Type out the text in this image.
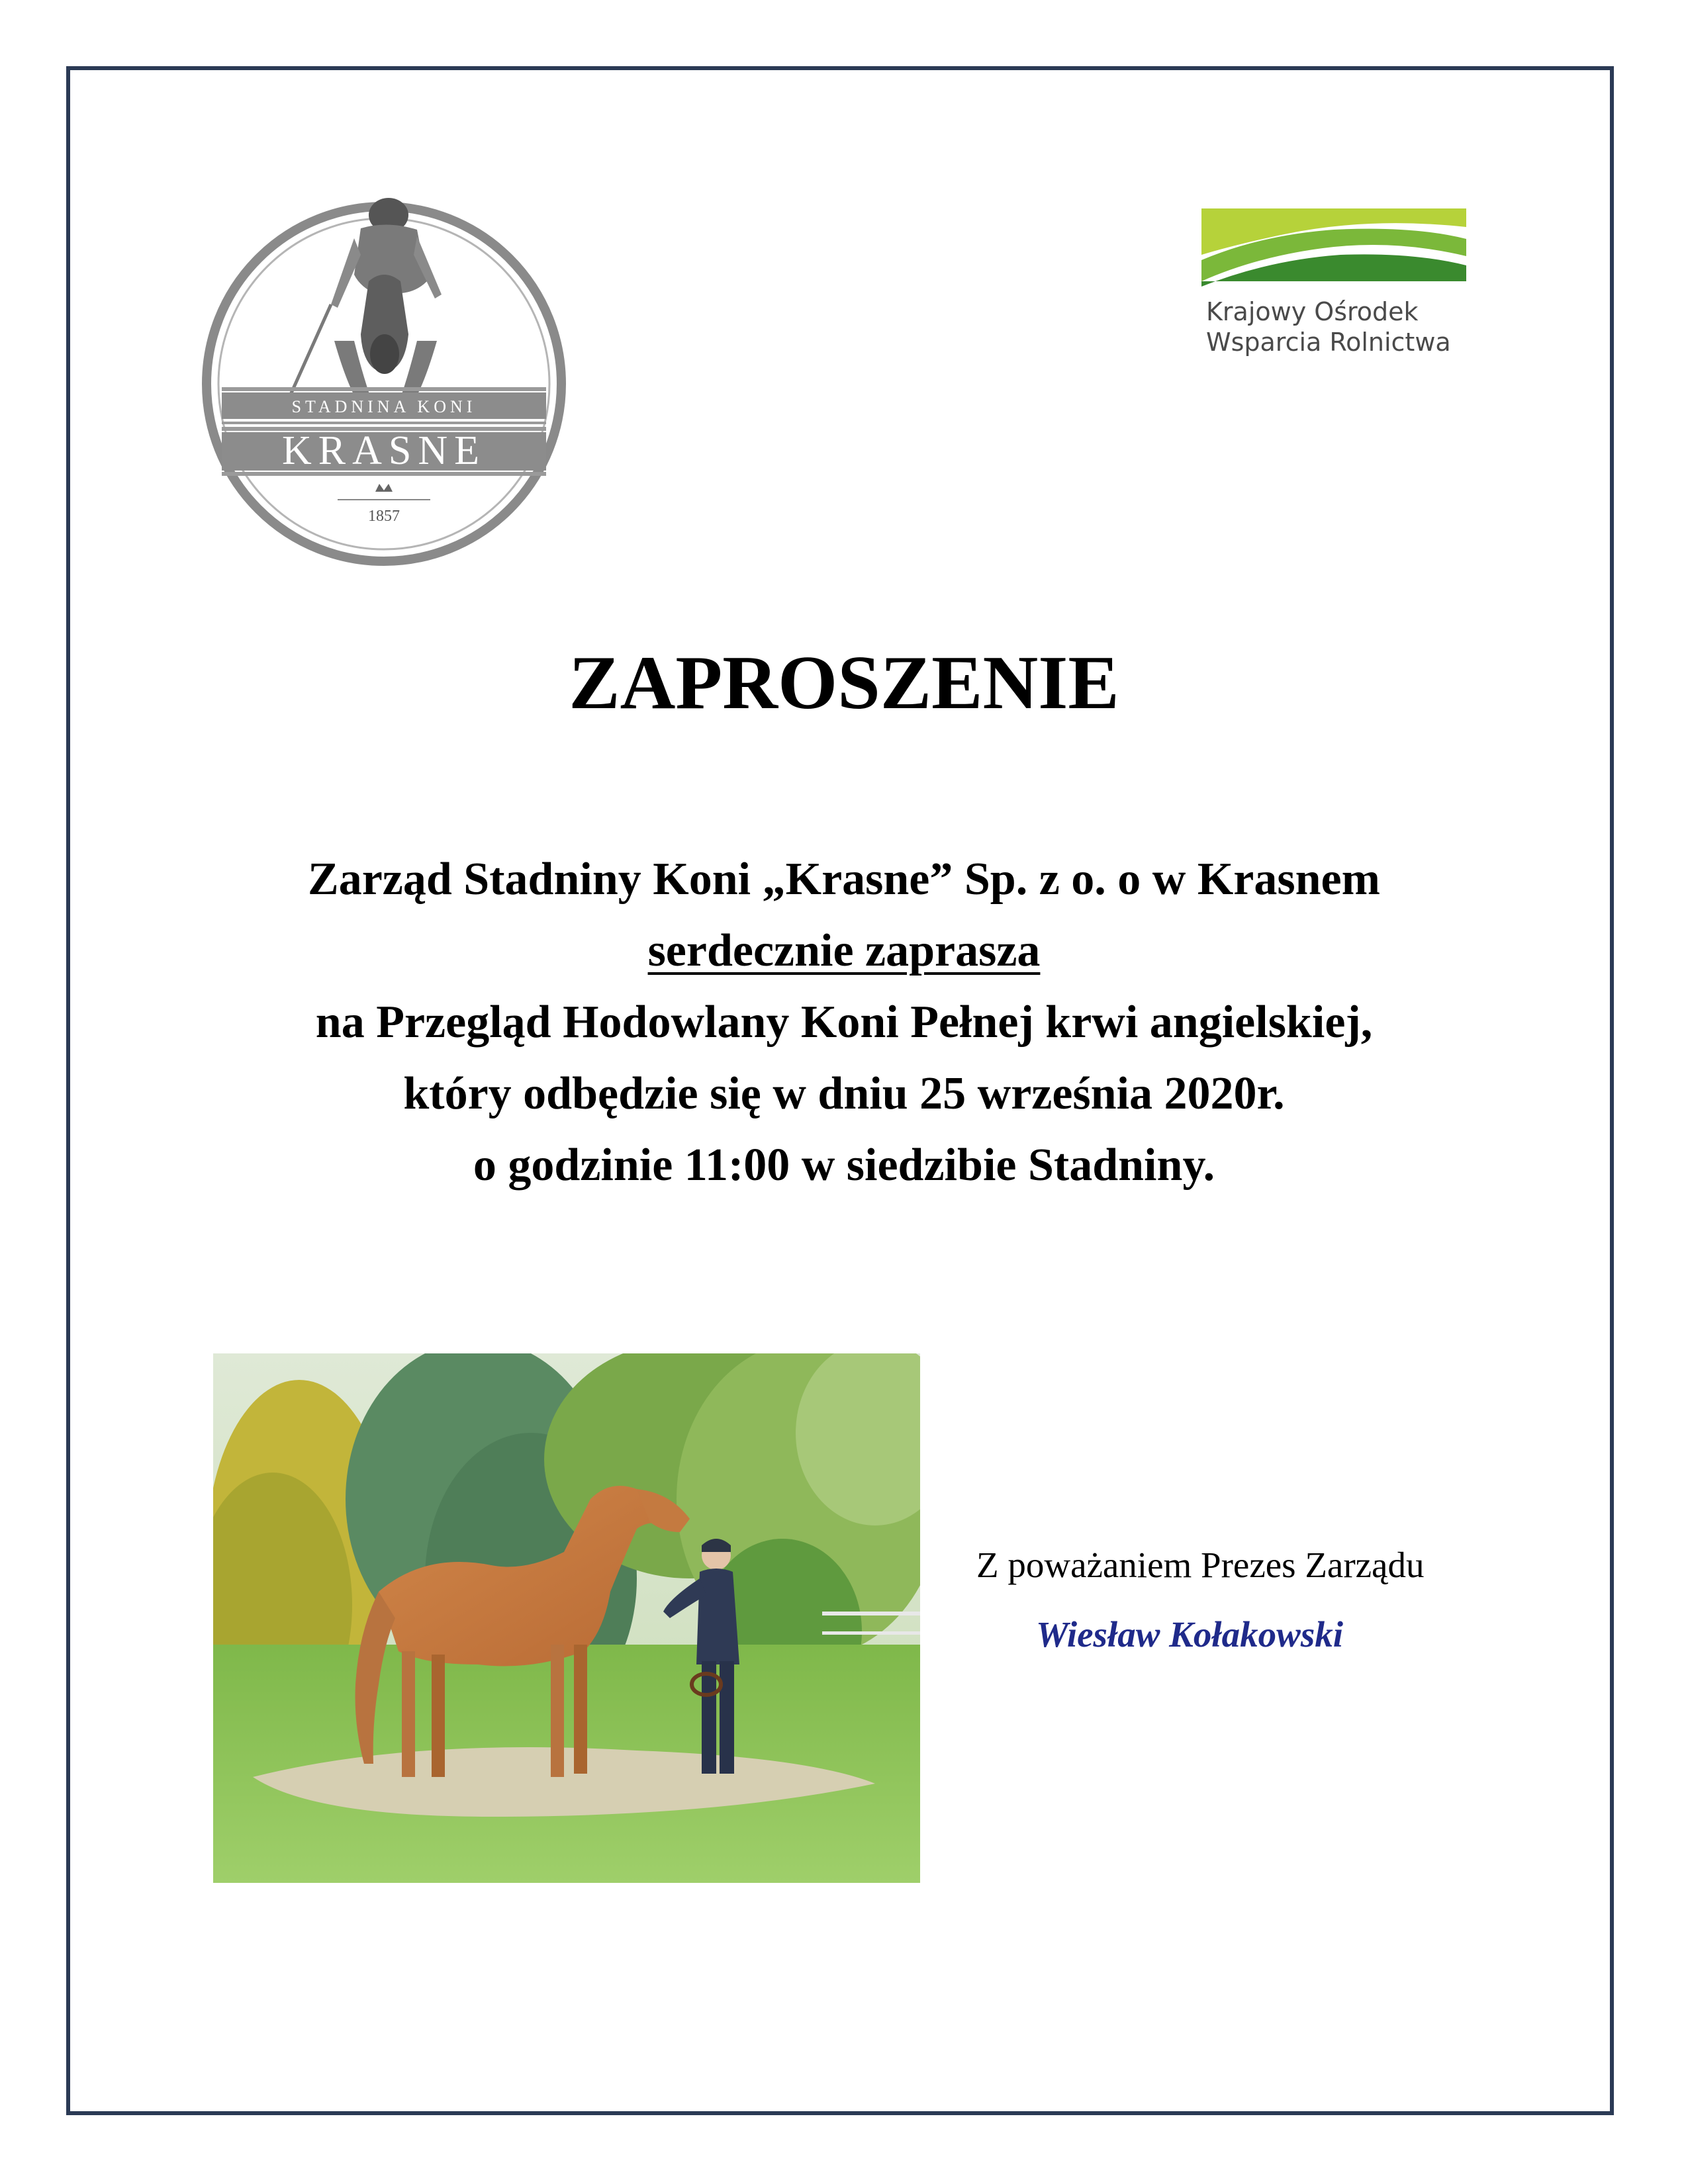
STADNINA KONI
KRASNE
1857
Krajowy Ośrodek
Wsparcia Rolnictwa
ZAPROSZENIE
Zarząd Stadniny Koni „Krasne” Sp. z o. o w Krasnem
serdecznie zaprasza
na Przegląd Hodowlany Koni Pełnej krwi angielskiej,
który odbędzie się w dniu 25 września 2020r.
o godzinie 11:00 w siedzibie Stadniny.
Z poważaniem Prezes Zarządu
Wiesław Kołakowski
